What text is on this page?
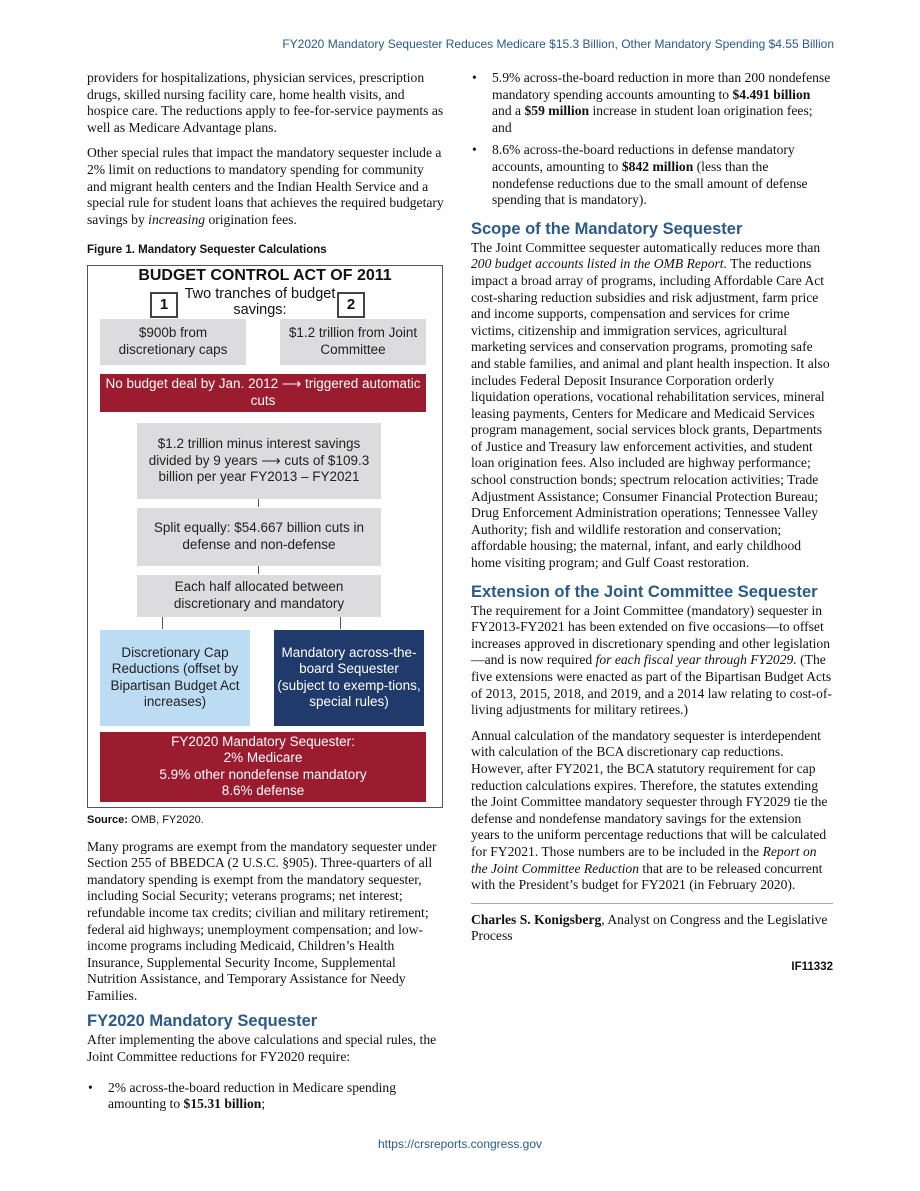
FY2020 Mandatory Sequester Reduces Medicare $15.3 Billion, Other Mandatory Spending $4.55 Billion

providers for hospitalizations, physician services, prescription drugs, skilled nursing facility care, home health visits, and hospice care. The reductions apply to fee-for-service payments as well as Medicare Advantage plans.

Other special rules that impact the mandatory sequester include a 2% limit on reductions to mandatory spending for community and migrant health centers and the Indian Health Service and a special rule for student loans that achieves the required budgetary savings by increasing origination fees.

Figure 1. Mandatory Sequester Calculations
BUDGET CONTROL ACT OF 2011
1	2
Two tranches of budget savings:
$900b from discretionary caps
$1.2 trillion from Joint Committee
No budget deal by Jan. 2012 ⟶ triggered automatic cuts
$1.2 trillion minus interest savings divided by 9 years ⟶ cuts of $109.3 billion per year FY2013 – FY2021
Split equally: $54.667 billion cuts in defense and non-defense
Each half allocated between discretionary and mandatory
Discretionary Cap Reductions (offset by Bipartisan Budget Act increases)
Mandatory across-the-board Sequester (subject to exemp-tions, special rules)
FY2020 Mandatory Sequester:
2% Medicare
5.9% other nondefense mandatory
8.6% defense
Source: OMB, FY2020.

Many programs are exempt from the mandatory sequester under Section 255 of BBEDCA (2 U.S.C. §905). Three-quarters of all mandatory spending is exempt from the mandatory sequester, including Social Security; veterans programs; net interest; refundable income tax credits; civilian and military retirement; federal aid highways; unemployment compensation; and low-income programs including Medicaid, Children’s Health Insurance, Supplemental Security Income, Supplemental Nutrition Assistance, and Temporary Assistance for Needy Families.

FY2020 Mandatory Sequester

After implementing the above calculations and special rules, the Joint Committee reductions for FY2020 require:

• 2% across-the-board reduction in Medicare spending amounting to $15.31 billion;
• 5.9% across-the-board reduction in more than 200 nondefense mandatory spending accounts amounting to $4.491 billion and a $59 million increase in student loan origination fees; and
• 8.6% across-the-board reductions in defense mandatory accounts, amounting to $842 million (less than the nondefense reductions due to the small amount of defense spending that is mandatory).
Scope of the Mandatory Sequester

The Joint Committee sequester automatically reduces more than 200 budget accounts listed in the OMB Report. The reductions impact a broad array of programs, including Affordable Care Act cost-sharing reduction subsidies and risk adjustment, farm price and income supports, compensation and services for crime victims, citizenship and immigration services, agricultural marketing services and conservation programs, promoting safe and stable families, and animal and plant health inspection. It also includes Federal Deposit Insurance Corporation orderly liquidation operations, vocational rehabilitation services, mineral leasing payments, Centers for Medicare and Medicaid Services program management, social services block grants, Departments of Justice and Treasury law enforcement activities, and student loan origination fees. Also included are highway performance; school construction bonds; spectrum relocation activities; Trade Adjustment Assistance; Consumer Financial Protection Bureau; Drug Enforcement Administration operations; Tennessee Valley Authority; fish and wildlife restoration and conservation; affordable housing; the maternal, infant, and early childhood home visiting program; and Gulf Coast restoration.

Extension of the Joint Committee Sequester

The requirement for a Joint Committee (mandatory) sequester in FY2013-FY2021 has been extended on five occasions—to offset increases approved in discretionary spending and other legislation—and is now required for each fiscal year through FY2029. (The five extensions were enacted as part of the Bipartisan Budget Acts of 2013, 2015, 2018, and 2019, and a 2014 law relating to cost-of-living adjustments for military retirees.)

Annual calculation of the mandatory sequester is interdependent with calculation of the BCA discretionary cap reductions. However, after FY2021, the BCA statutory requirement for cap reduction calculations expires. Therefore, the statutes extending the Joint Committee mandatory sequester through FY2029 tie the defense and nondefense mandatory savings for the extension years to the uniform percentage reductions that will be calculated for FY2021. Those numbers are to be included in the Report on the Joint Committee Reduction that are to be released concurrent with the President’s budget for FY2021 (in February 2020).

Charles S. Konigsberg, Analyst on Congress and the Legislative Process
IF11332
https://crsreports.congress.gov
